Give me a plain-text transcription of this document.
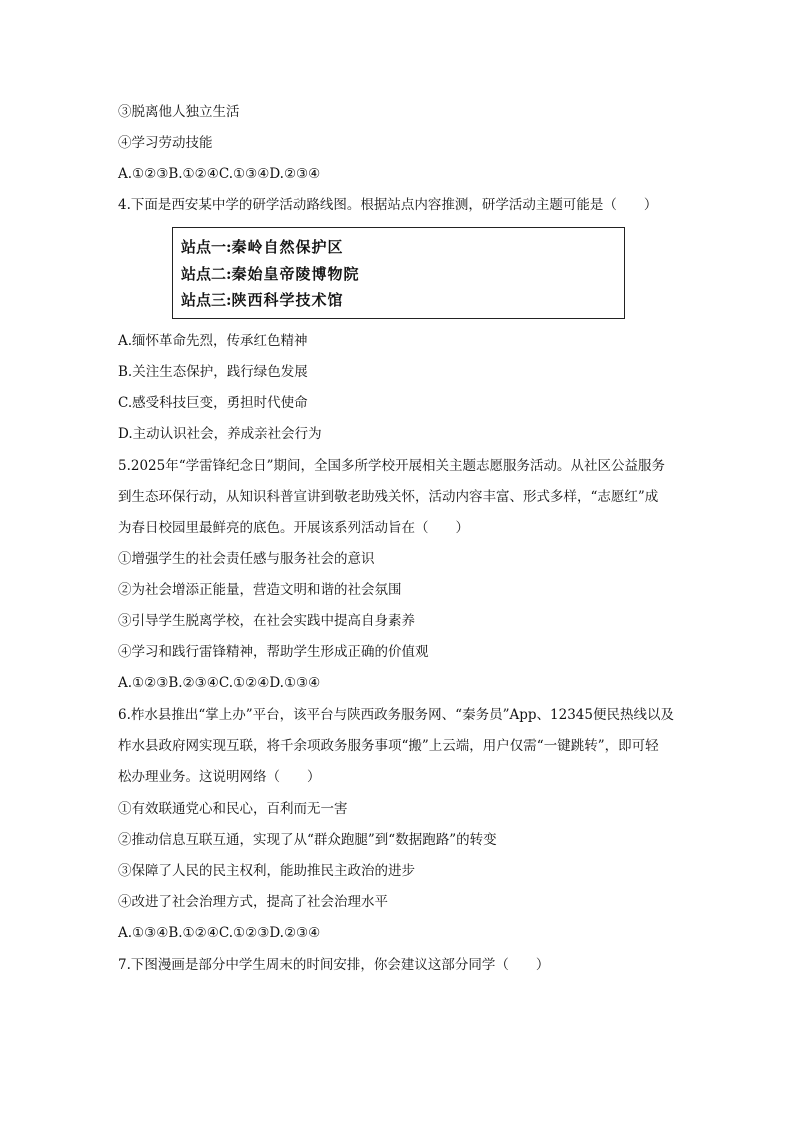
③脱离他人独立生活
④学习劳动技能
A.①②③B.①②④C.①③④D.②③④
4.下面是西安某中学的研学活动路线图。根据站点内容推测，研学活动主题可能是（　　）
站点一:秦岭自然保护区
站点二:秦始皇帝陵博物院
站点三:陕西科学技术馆
A.缅怀革命先烈，传承红色精神
B.关注生态保护，践行绿色发展
C.感受科技巨变，勇担时代使命
D.主动认识社会，养成亲社会行为
5.2025年“学雷锋纪念日”期间，全国多所学校开展相关主题志愿服务活动。从社区公益服务
到生态环保行动，从知识科普宣讲到敬老助残关怀，活动内容丰富、形式多样，“志愿红”成
为春日校园里最鲜亮的底色。开展该系列活动旨在（　　）
①增强学生的社会责任感与服务社会的意识
②为社会增添正能量，营造文明和谐的社会氛围
③引导学生脱离学校，在社会实践中提高自身素养
④学习和践行雷锋精神，帮助学生形成正确的价值观
A.①②③B.②③④C.①②④D.①③④
6.柞水县推出“掌上办”平台，该平台与陕西政务服务网、“秦务员”App、12345便民热线以及
柞水县政府网实现互联，将千余项政务服务事项“搬”上云端，用户仅需“一键跳转”，即可轻
松办理业务。这说明网络（　　）
①有效联通党心和民心，百利而无一害
②推动信息互联互通，实现了从“群众跑腿”到“数据跑路”的转变
③保障了人民的民主权利，能助推民主政治的进步
④改进了社会治理方式，提高了社会治理水平
A.①③④B.①②④C.①②③D.②③④
7.下图漫画是部分中学生周末的时间安排，你会建议这部分同学（　　）
